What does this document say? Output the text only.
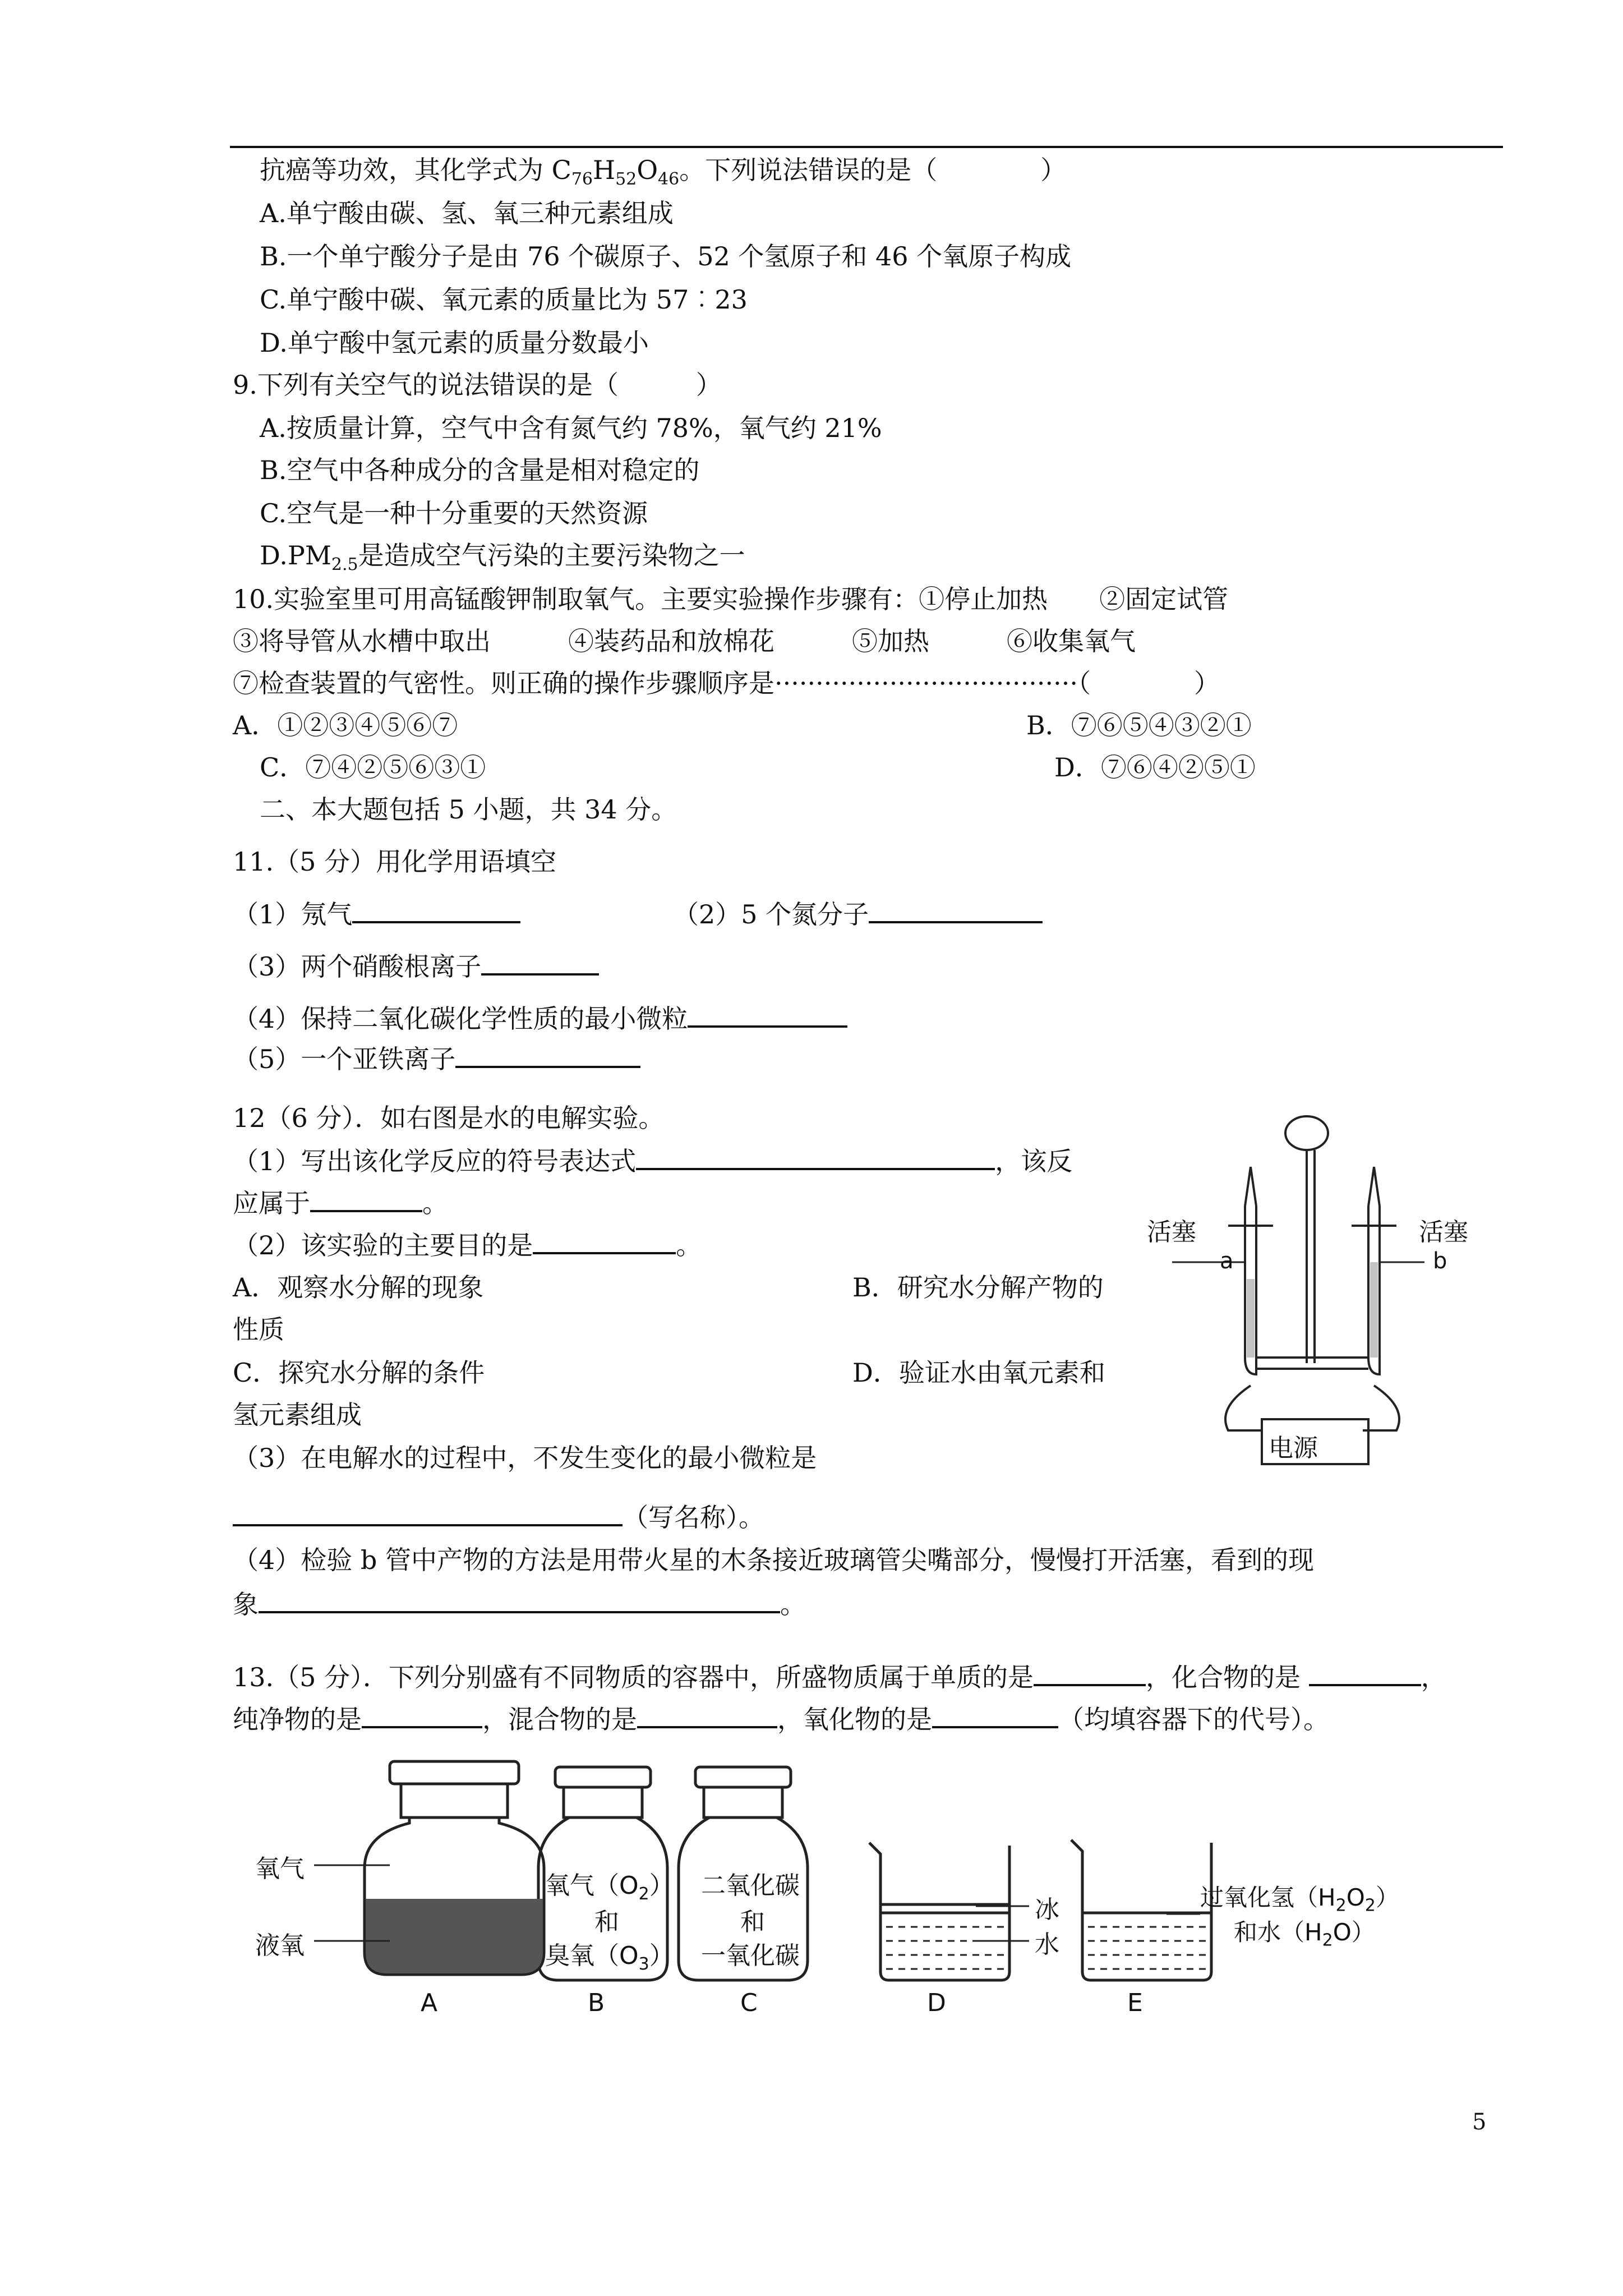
抗癌等功效，其化学式为 $C_{76}H_{52}O_{46}$。下列说法错误的是（　　　　）
A.单宁酸由碳、氢、氧三种元素组成
B.一个单宁酸分子是由 76 个碳原子、52 个氢原子和 46 个氧原子构成
C.单宁酸中碳、氧元素的质量比为 57︰23
D.单宁酸中氢元素的质量分数最小
9.下列有关空气的说法错误的是（　　　）
A.按质量计算，空气中含有氮气约 78%，氧气约 21%
B.空气中各种成分的含量是相对稳定的
C.空气是一种十分重要的天然资源
$D.PM_{2.5}$是造成空气污染的主要污染物之一
10.实验室里可用高锰酸钾制取氧气。主要实验操作步骤有：①停止加热　　②固定试管
③将导管从水槽中取出　　　④装药品和放棉花　　　⑤加热　　　⑥收集氧气
⑦检查装置的气密性。则正确的操作步骤顺序是·····································（　　　　）
A．①②③④⑤⑥⑦	B．⑦⑥⑤④③②①
C．⑦④②⑤⑥③①	D．⑦⑥④②⑤①
二、本大题包括 5 小题，共 34 分。
11.（5 分）用化学用语填空
（1）氖气	（2）5 个氮分子
（3）两个硝酸根离子
（4）保持二氧化碳化学性质的最小微粒
（5）一个亚铁离子
12（6 分）．如右图是水的电解实验。
（1）写出该化学反应的符号表达式	，该反
应属于	。
（2）该实验的主要目的是	。
A．观察水分解的现象	B．研究水分解产物的
性质
C．探究水分解的条件	D．验证水由氧元素和
氢元素组成
（3）在电解水的过程中，不发生变化的最小微粒是
（写名称）。
（4）检验 b 管中产物的方法是用带火星的木条接近玻璃管尖嘴部分，慢慢打开活塞，看到的现
象	。
活塞	活塞
a	b
电源
13.（5 分）．下列分别盛有不同物质的容器中，所盛物质属于单质的是	，化合物的是	，
纯净物的是	，混合物的是	，氧化物的是	（均填容器下的代号）。
氧气
液氧
氧气$(O_2)$
和
臭氧$(O_3)$
二氧化碳
和
一氧化碳
冰
水
过氧化氢$(H_2O_2)$
和水$(H_2O)$
A	B	C	D	E
5
